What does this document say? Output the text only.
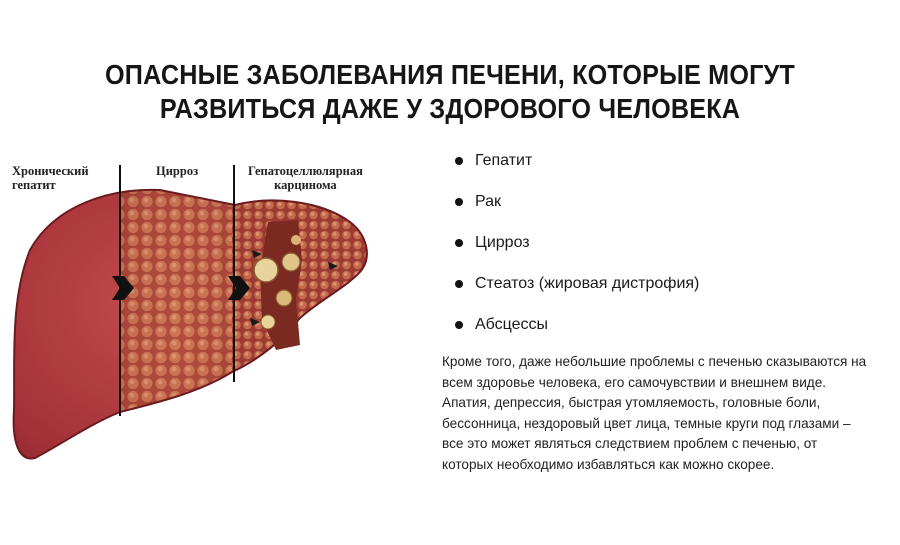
ОПАСНЫЕ ЗАБОЛЕВАНИЯ ПЕЧЕНИ, КОТОРЫЕ МОГУТ
РАЗВИТЬСЯ ДАЖЕ У ЗДОРОВОГО ЧЕЛОВЕКА
Хронический
гепатит
Цирроз	Гепатоцеллюлярная
карцинома
Гепатит
Рак
Цирроз
Стеатоз (жировая дистрофия)
Абсцессы
Кроме того, даже небольшие проблемы с печенью сказываются на
всем здоровье человека, его самочувствии и внешнем виде.
Апатия, депрессия, быстрая утомляемость, головные боли,
бессонница, нездоровый цвет лица, темные круги под глазами –
все это может являться следствием проблем с печенью, от
которых необходимо избавляться как можно скорее.
